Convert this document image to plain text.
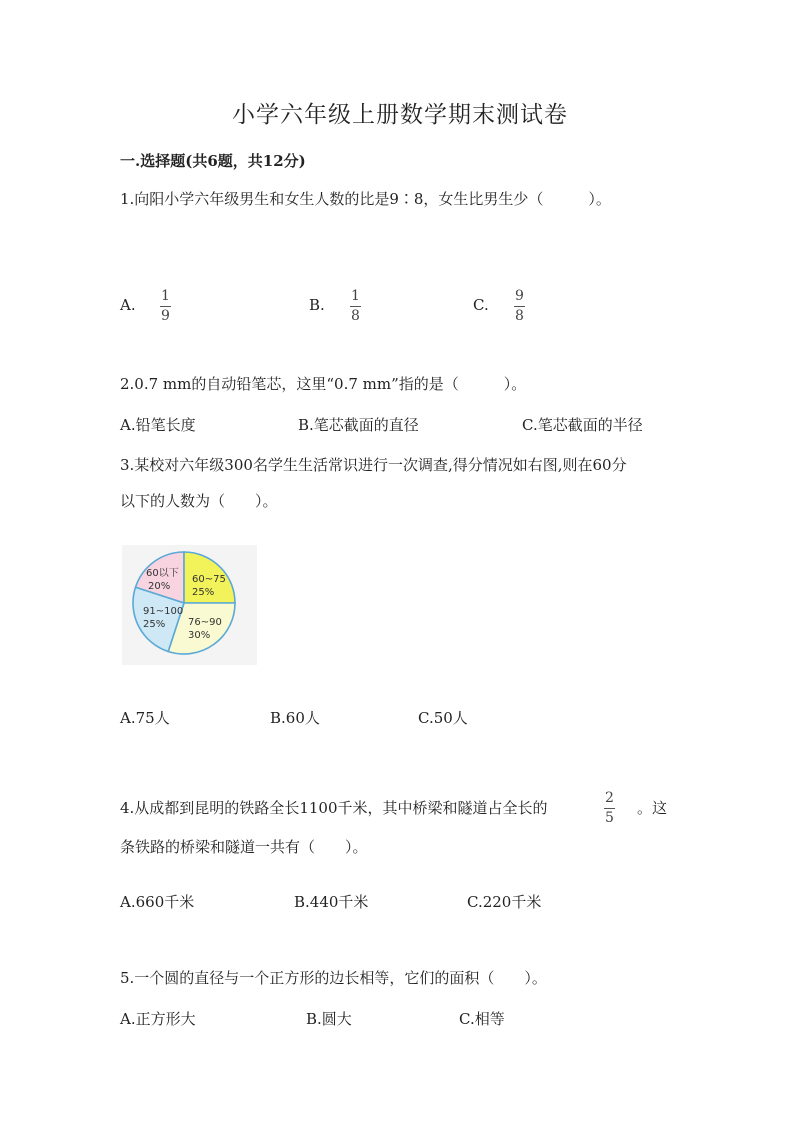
小学六年级上册数学期末测试卷
一.选择题(共6题，共12分)
1.向阳小学六年级男生和女生人数的比是9∶8，女生比男生少（　　　）。
A. 1
9
B. 1
8
C. 9
8
2.0.7 mm的自动铅笔芯，这里“0.7 mm”指的是（　　　）。
A.铅笔长度	B.笔芯截面的直径	C.笔芯截面的半径
3.某校对六年级300名学生生活常识进行一次调查,得分情况如右图,则在60分
以下的人数为（　　）。
60以下
20%
60~75
25%
76~90
30%
91~100
25%
A.75人	B.60人	C.50人
4.从成都到昆明的铁路全长1100千米，其中桥梁和隧道占全长的
2
5
。这
条铁路的桥梁和隧道一共有（　　）。
A.660千米	B.440千米	C.220千米
5.一个圆的直径与一个正方形的边长相等，它们的面积（　　）。
A.正方形大	B.圆大	C.相等
